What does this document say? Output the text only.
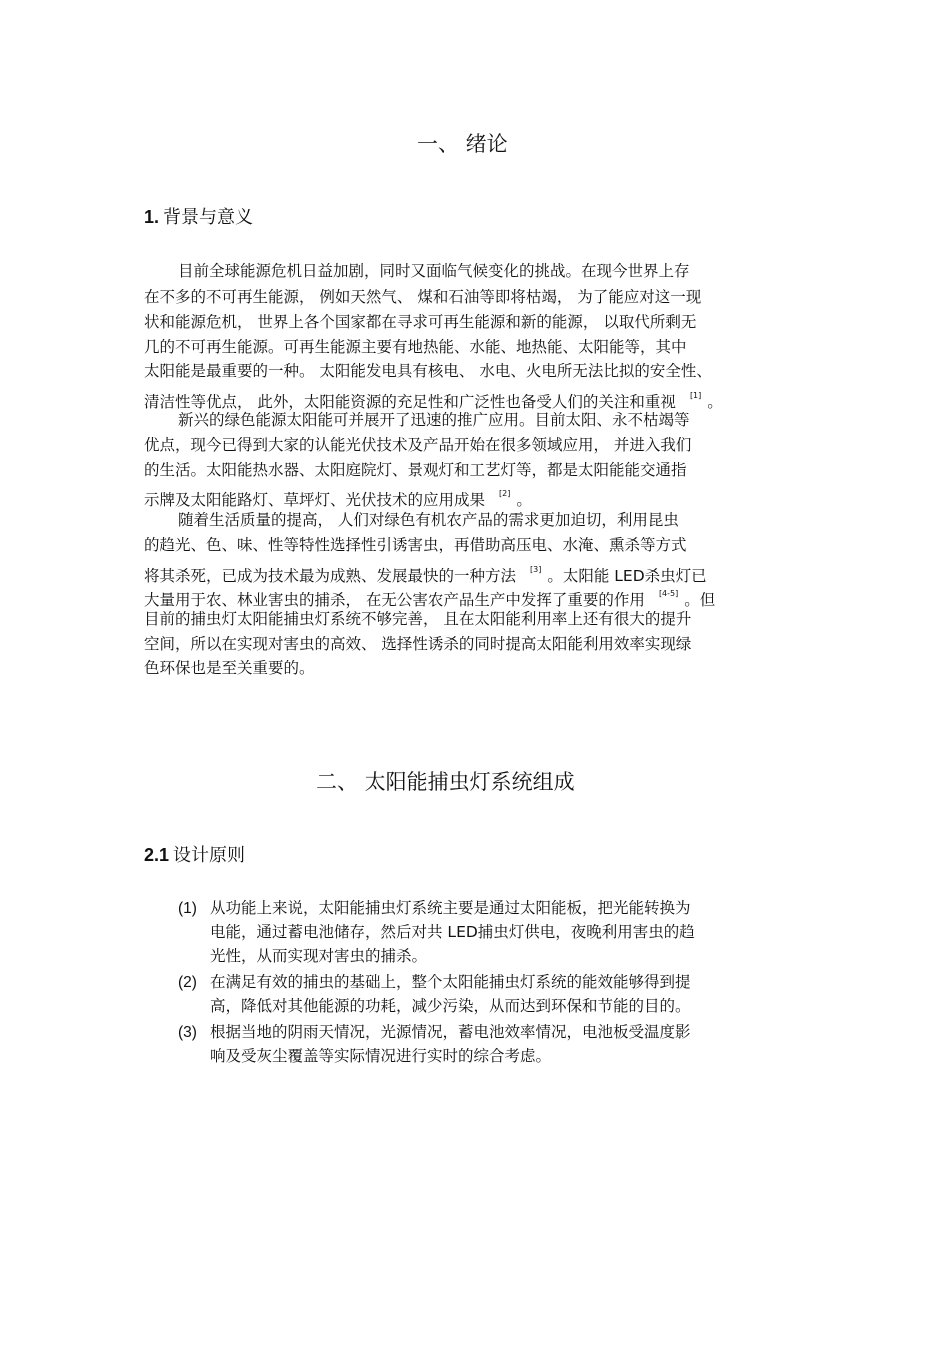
一、 绪论
1. 背景与意义
目前全球能源危机日益加剧，同时又面临气候变化的挑战。在现今世界上存
在不多的不可再生能源， 例如天然气、 煤和石油等即将枯竭， 为了能应对这一现
状和能源危机， 世界上各个国家都在寻求可再生能源和新的能源， 以取代所剩无
几的不可再生能源。可再生能源主要有地热能、水能、地热能、太阳能等，其中
太阳能是最重要的一种。 太阳能发电具有核电、 水电、火电所无法比拟的安全性、
清洁性等优点， 此外，太阳能资源的充足性和广泛性也备受人们的关注和重视 [1] 。
新兴的绿色能源太阳能可并展开了迅速的推广应用。目前太阳、永不枯竭等
优点，现今已得到大家的认能光伏技术及产品开始在很多领域应用， 并进入我们
的生活。太阳能热水器、太阳庭院灯、景观灯和工艺灯等，都是太阳能能交通指
示牌及太阳能路灯、草坪灯、光伏技术的应用成果 [2] 。
随着生活质量的提高， 人们对绿色有机农产品的需求更加迫切，利用昆虫
的趋光、色、味、性等特性选择性引诱害虫，再借助高压电、水淹、熏杀等方式
将其杀死，已成为技术最为成熟、发展最快的一种方法 [3] 。太阳能 LED杀虫灯已
大量用于农、林业害虫的捕杀， 在无公害农产品生产中发挥了重要的作用 [4-5] 。但
目前的捕虫灯太阳能捕虫灯系统不够完善， 且在太阳能利用率上还有很大的提升
空间，所以在实现对害虫的高效、 选择性诱杀的同时提高太阳能利用效率实现绿
色环保也是至关重要的。
二、 太阳能捕虫灯系统组成
2.1 设计原则
(1) 从功能上来说，太阳能捕虫灯系统主要是通过太阳能板，把光能转换为
电能，通过蓄电池储存，然后对共 LED捕虫灯供电，夜晚利用害虫的趋
光性，从而实现对害虫的捕杀。
(2) 在满足有效的捕虫的基础上，整个太阳能捕虫灯系统的能效能够得到提
高，降低对其他能源的功耗，减少污染，从而达到环保和节能的目的。
(3) 根据当地的阴雨天情况，光源情况，蓄电池效率情况，电池板受温度影
响及受灰尘覆盖等实际情况进行实时的综合考虑。
